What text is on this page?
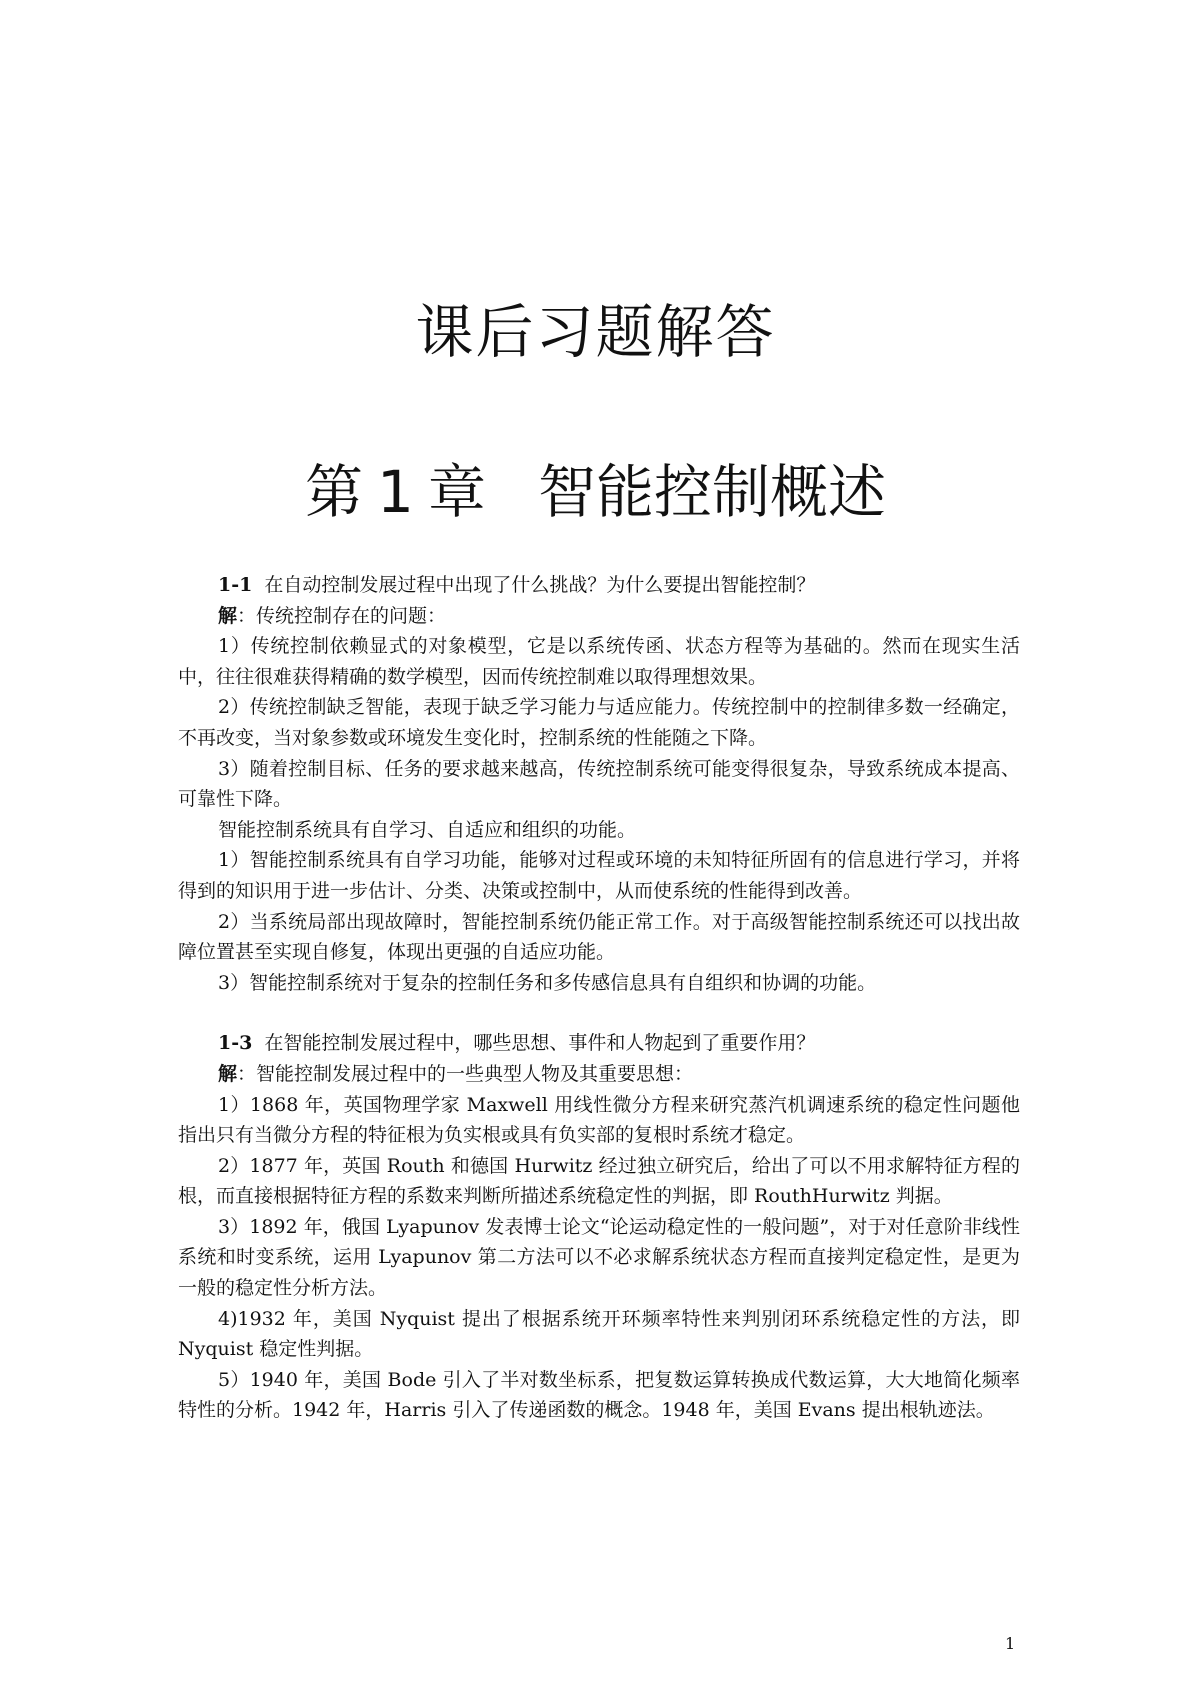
课后习题解答
第 1 章 智能控制概述

1-1 在自动控制发展过程中出现了什么挑战？为什么要提出智能控制？

解：传统控制存在的问题：

1）传统控制依赖显式的对象模型，它是以系统传函、状态方程等为基础的。然而在现实生活中，往往很难获得精确的数学模型，因而传统控制难以取得理想效果。

2）传统控制缺乏智能，表现于缺乏学习能力与适应能力。传统控制中的控制律多数一经确定，不再改变，当对象参数或环境发生变化时，控制系统的性能随之下降。

3）随着控制目标、任务的要求越来越高，传统控制系统可能变得很复杂，导致系统成本提高、可靠性下降。

智能控制系统具有自学习、自适应和组织的功能。

1）智能控制系统具有自学习功能，能够对过程或环境的未知特征所固有的信息进行学习，并将得到的知识用于进一步估计、分类、决策或控制中，从而使系统的性能得到改善。

2）当系统局部出现故障时，智能控制系统仍能正常工作。对于高级智能控制系统还可以找出故障位置甚至实现自修复，体现出更强的自适应功能。

3）智能控制系统对于复杂的控制任务和多传感信息具有自组织和协调的功能。

1-3 在智能控制发展过程中，哪些思想、事件和人物起到了重要作用？

解：智能控制发展过程中的一些典型人物及其重要思想：

1）1868 年，英国物理学家 Maxwell 用线性微分方程来研究蒸汽机调速系统的稳定性问题他指出只有当微分方程的特征根为负实根或具有负实部的复根时系统才稳定。

2）1877 年，英国 Routh 和德国 Hurwitz 经过独立研究后，给出了可以不用求解特征方程的根，而直接根据特征方程的系数来判断所描述系统稳定性的判据，即 RouthHurwitz 判据。

3）1892 年，俄国 Lyapunov 发表博士论文“论运动稳定性的一般问题”，对于对任意阶非线性系统和时变系统，运用 Lyapunov 第二方法可以不必求解系统状态方程而直接判定稳定性，是更为一般的稳定性分析方法。

4)1932 年，美国 Nyquist 提出了根据系统开环频率特性来判别闭环系统稳定性的方法，即 Nyquist 稳定性判据。

5）1940 年，美国 Bode 引入了半对数坐标系，把复数运算转换成代数运算，大大地简化频率特性的分析。1942 年，Harris 引入了传递函数的概念。1948 年，美国 Evans 提出根轨迹法。

1
